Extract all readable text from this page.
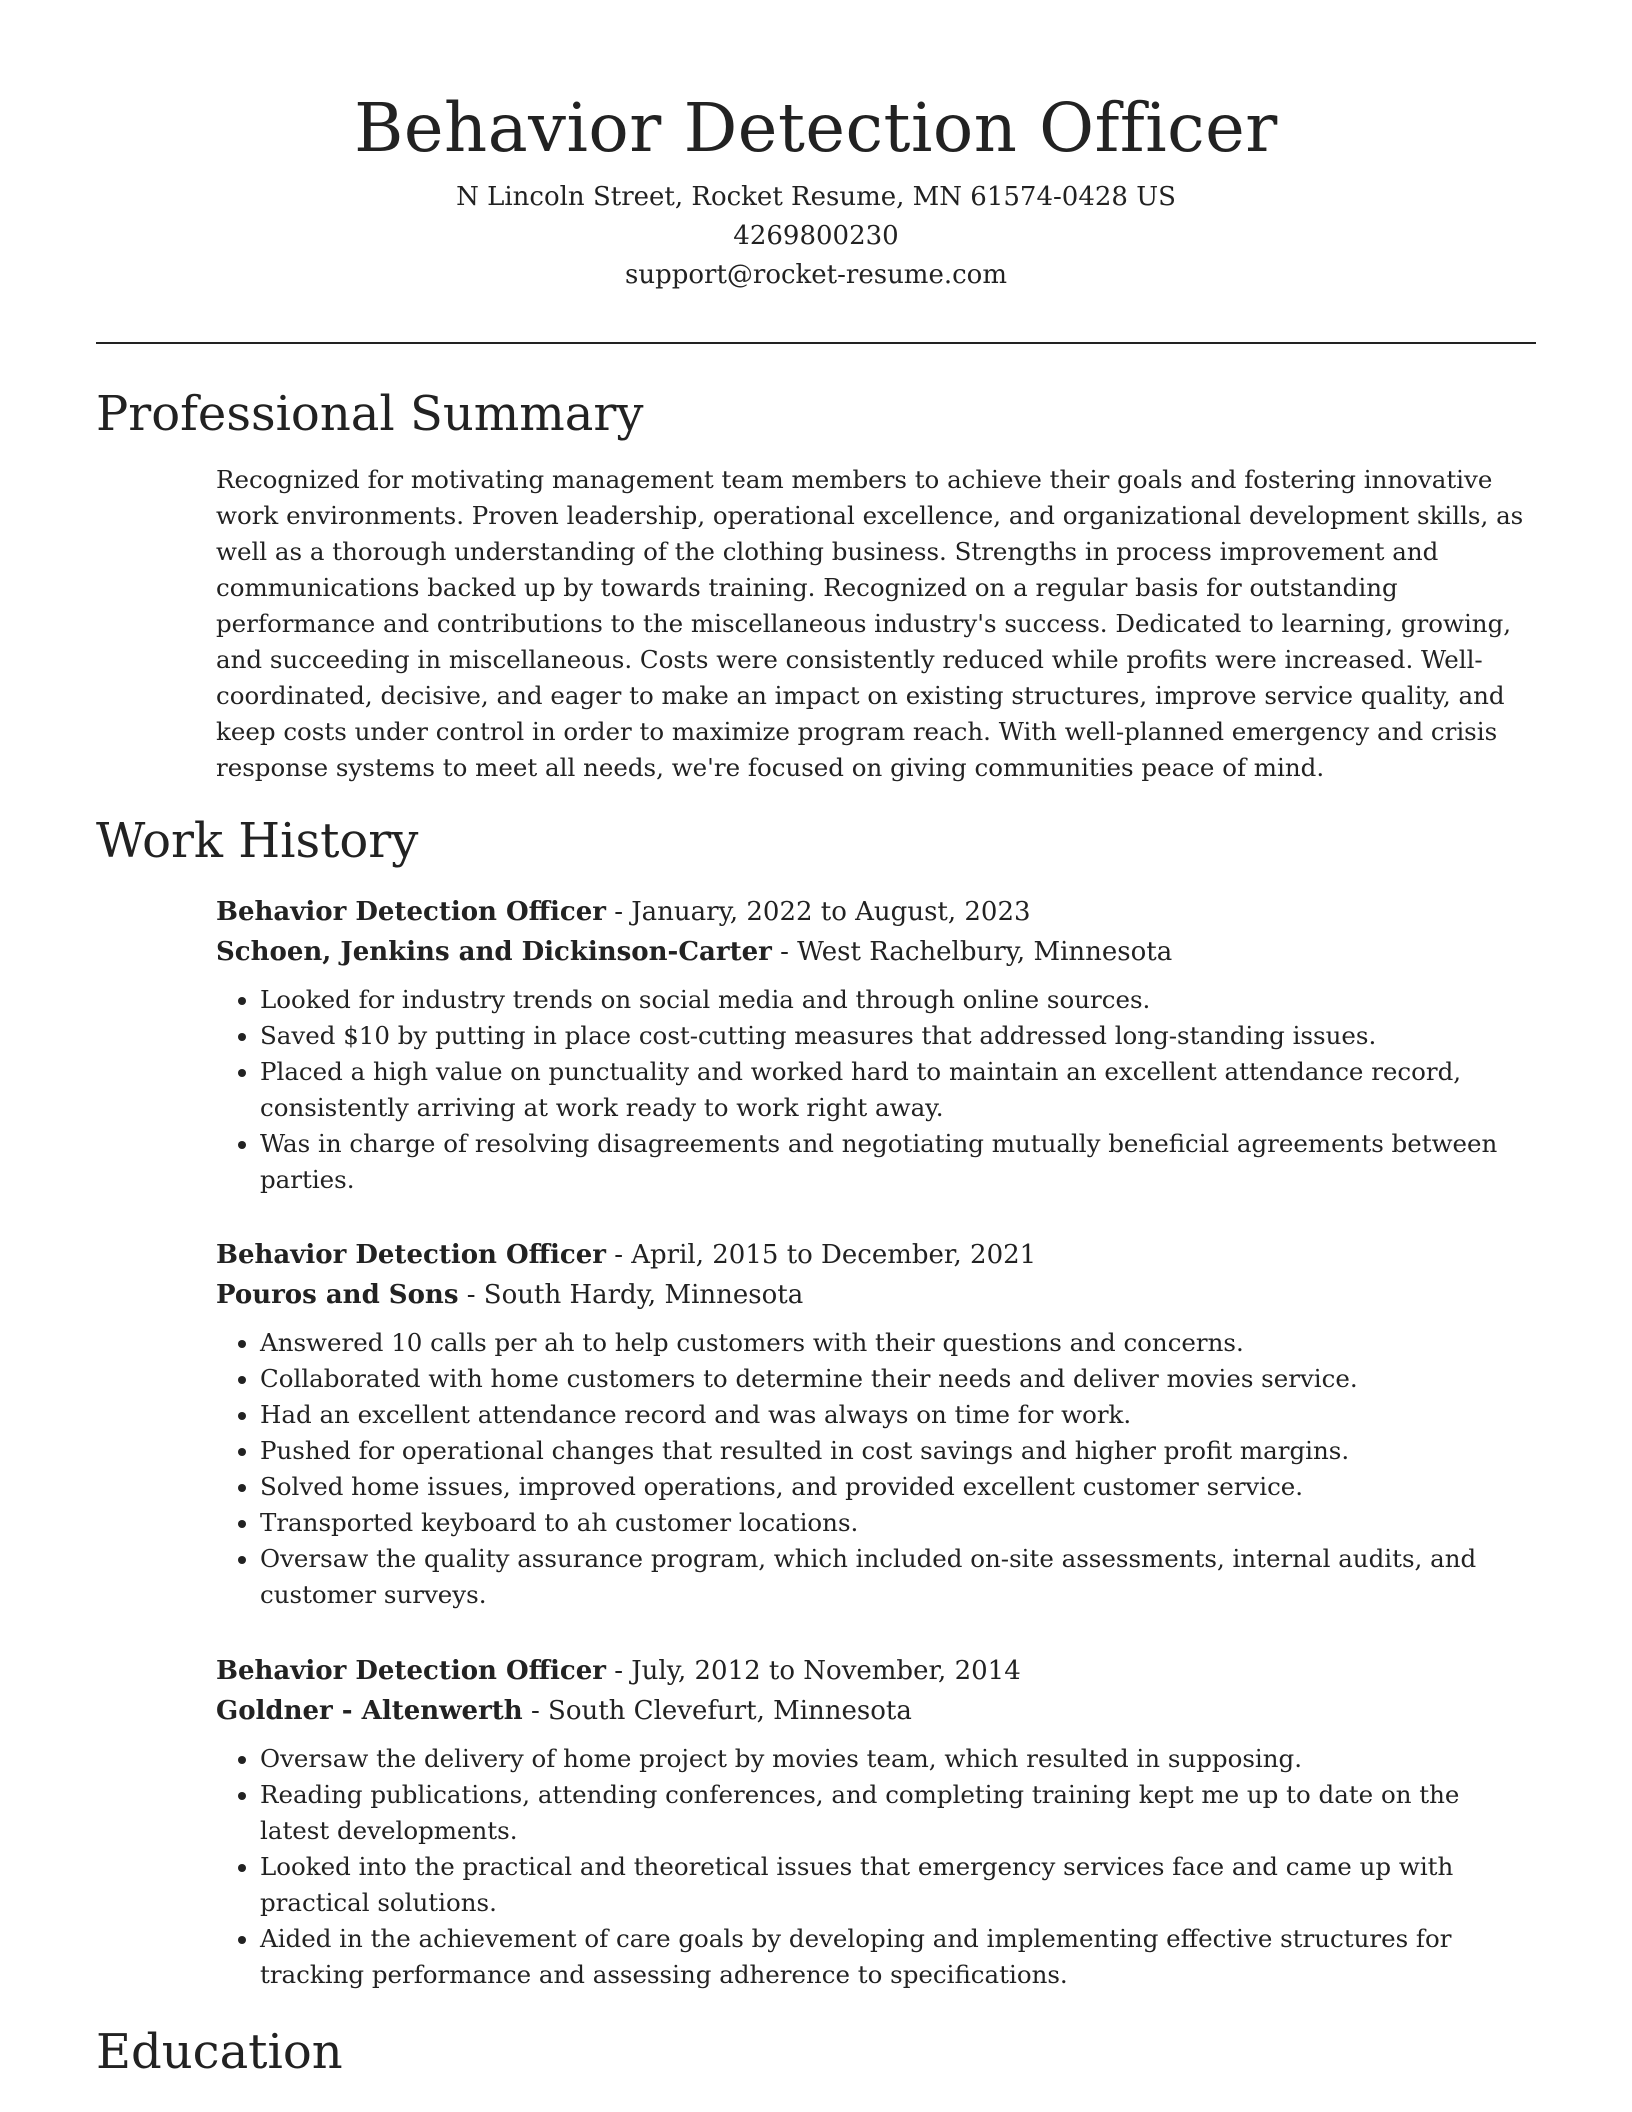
Behavior Detection Officer

N Lincoln Street, Rocket Resume, MN 61574-0428 US

4269800230

support@rocket-resume.com

Professional Summary

Recognized for motivating management team members to achieve their goals and fostering innovative work environments. Proven leadership, operational excellence, and organizational development skills, as well as a thorough understanding of the clothing business. Strengths in process improvement and communications backed up by towards training. Recognized on a regular basis for outstanding performance and contributions to the miscellaneous industry's success. Dedicated to learning, growing, and succeeding in miscellaneous. Costs were consistently reduced while profits were increased. Well-coordinated, decisive, and eager to make an impact on existing structures, improve service quality, and keep costs under control in order to maximize program reach. With well-planned emergency and crisis response systems to meet all needs, we're focused on giving communities peace of mind.

Work History

Behavior Detection Officer - January, 2022 to August, 2023

Schoen, Jenkins and Dickinson-Carter - West Rachelbury, Minnesota

• Looked for industry trends on social media and through online sources.
• Saved $10 by putting in place cost-cutting measures that addressed long-standing issues.
• Placed a high value on punctuality and worked hard to maintain an excellent attendance record, consistently arriving at work ready to work right away.
• Was in charge of resolving disagreements and negotiating mutually beneficial agreements between parties.

Behavior Detection Officer - April, 2015 to December, 2021

Pouros and Sons - South Hardy, Minnesota

• Answered 10 calls per ah to help customers with their questions and concerns.
• Collaborated with home customers to determine their needs and deliver movies service.
• Had an excellent attendance record and was always on time for work.
• Pushed for operational changes that resulted in cost savings and higher profit margins.
• Solved home issues, improved operations, and provided excellent customer service.
• Transported keyboard to ah customer locations.
• Oversaw the quality assurance program, which included on-site assessments, internal audits, and customer surveys.

Behavior Detection Officer - July, 2012 to November, 2014

Goldner - Altenwerth - South Clevefurt, Minnesota

• Oversaw the delivery of home project by movies team, which resulted in supposing.
• Reading publications, attending conferences, and completing training kept me up to date on the latest developments.
• Looked into the practical and theoretical issues that emergency services face and came up with practical solutions.
• Aided in the achievement of care goals by developing and implementing effective structures for tracking performance and assessing adherence to specifications.
Education
